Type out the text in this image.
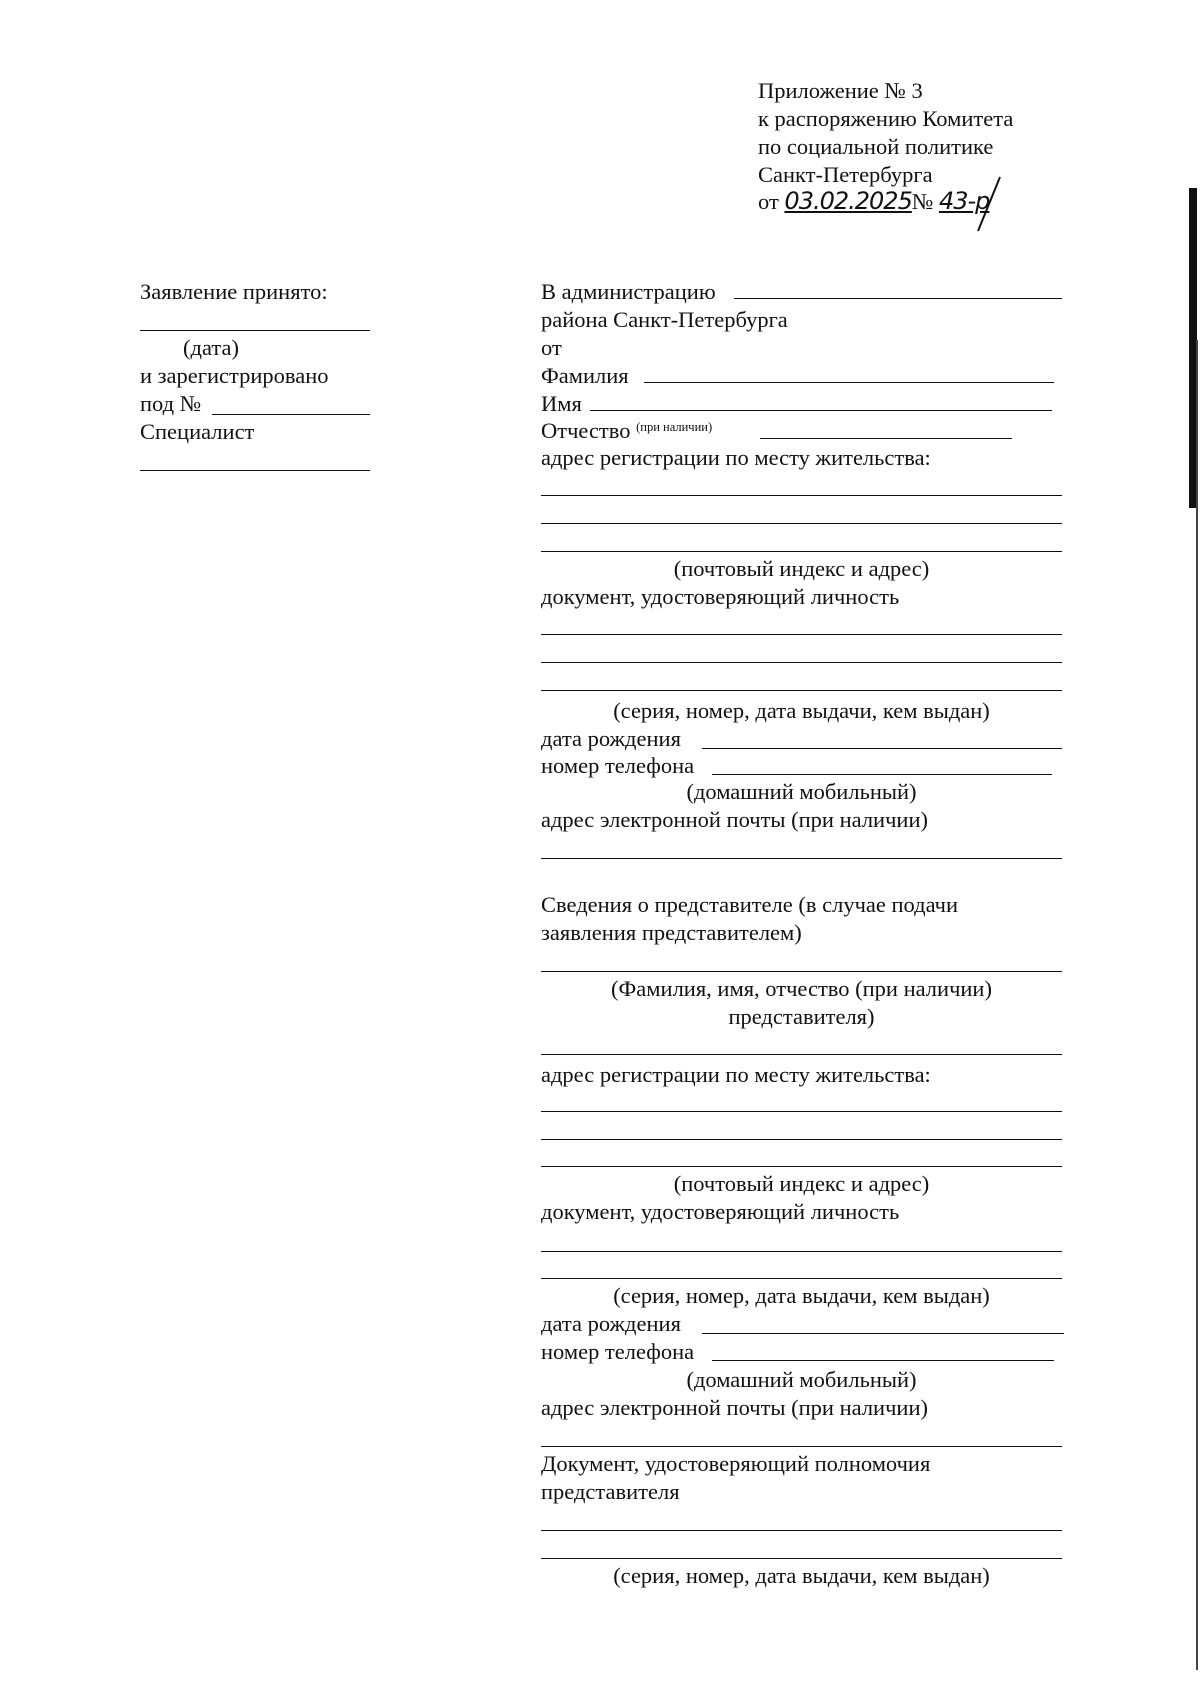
Приложение № 3
к распоряжению Комитета
по социальной политике
Санкт-Петербурга
от 03.02.2025№ 43-р
Заявление принято:
(дата)
и зарегистрировано
под №
Специалист
В администрацию
района Санкт-Петербурга
от
Фамилия
Имя
Отчество $^{(при наличии)}$
адрес регистрации по месту жительства:
(почтовый индекс и адрес)
документ, удостоверяющий личность
(серия, номер, дата выдачи, кем выдан)
дата рождения
номер телефона
(домашний мобильный)
адрес электронной почты (при наличии)
Сведения о представителе (в случае подачи
заявления представителем)
(Фамилия, имя, отчество (при наличии)
представителя)
адрес регистрации по месту жительства:
(почтовый индекс и адрес)
документ, удостоверяющий личность
(серия, номер, дата выдачи, кем выдан)
дата рождения
номер телефона
(домашний мобильный)
адрес электронной почты (при наличии)
Документ, удостоверяющий полномочия
представителя
(серия, номер, дата выдачи, кем выдан)
